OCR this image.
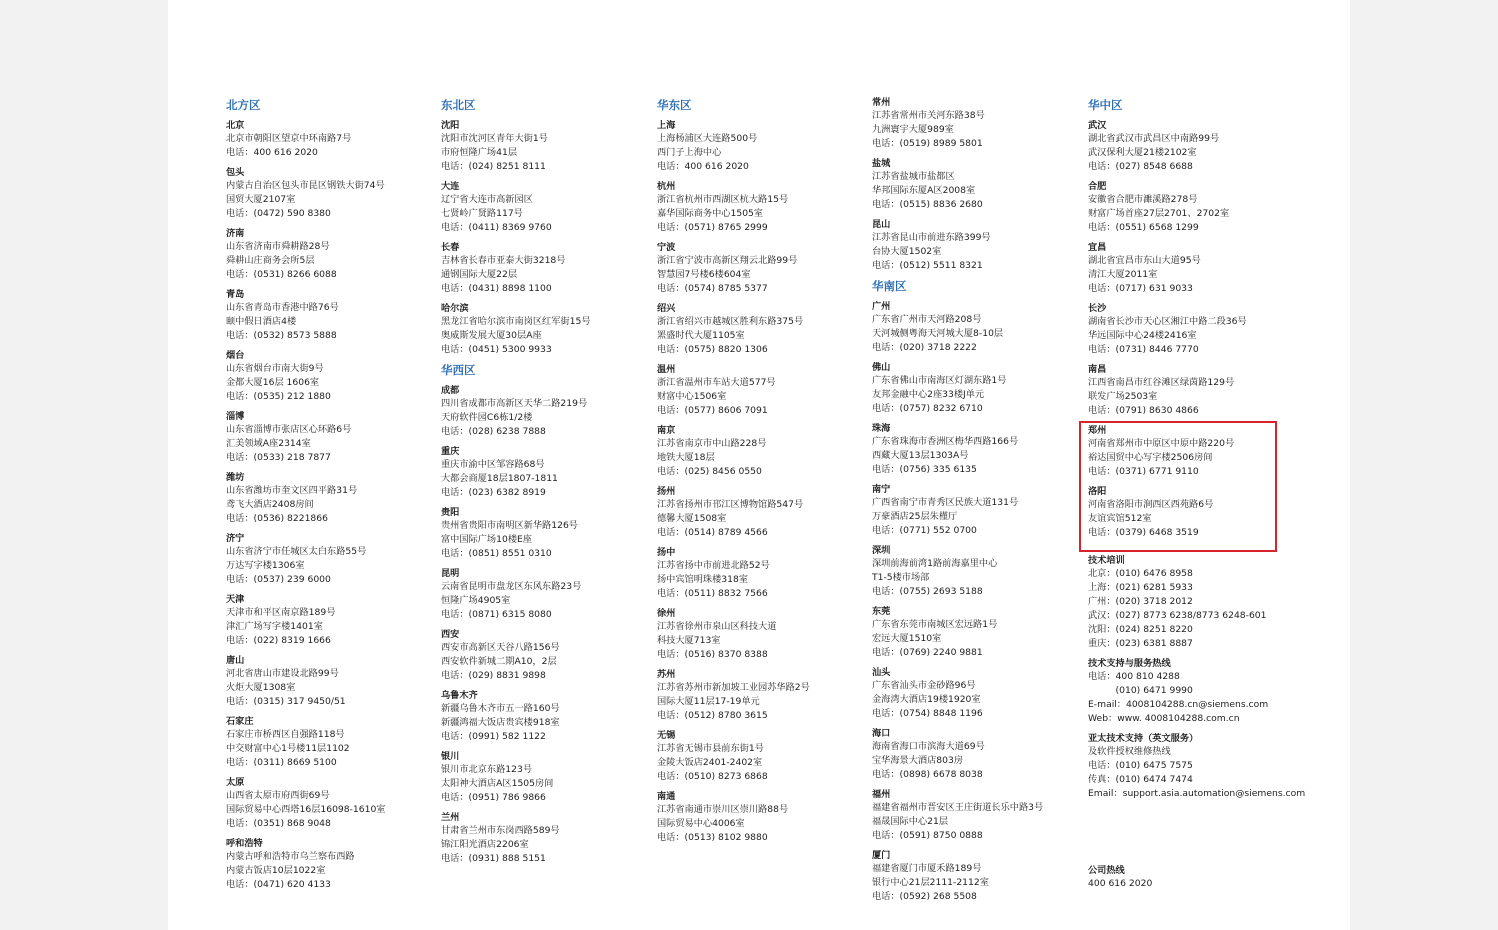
北方区
北京
北京市朝阳区望京中环南路7号
电话：400 616 2020
包头
内蒙古自治区包头市昆区钢铁大街74号
国贸大厦2107室
电话：(0472) 590 8380
济南
山东省济南市舜耕路28号
舜耕山庄商务会所5层
电话：(0531) 8266 6088
青岛
山东省青岛市香港中路76号
颐中假日酒店4楼
电话：(0532) 8573 5888
烟台
山东省烟台市南大街9号
金都大厦16层 1606室
电话：(0535) 212 1880
淄博
山东省淄博市张店区心环路6号
汇美领域A座2314室
电话：(0533) 218 7877
潍坊
山东省潍坊市奎文区四平路31号
鸢飞大酒店2408房间
电话：(0536) 8221866
济宁
山东省济宁市任城区太白东路55号
万达写字楼1306室
电话：(0537) 239 6000
天津
天津市和平区南京路189号
津汇广场写字楼1401室
电话：(022) 8319 1666
唐山
河北省唐山市建设北路99号
火炬大厦1308室
电话：(0315) 317 9450/51
石家庄
石家庄市桥西区自强路118号
中交财富中心1号楼11层1102
电话：(0311) 8669 5100
太原
山西省太原市府西街69号
国际贸易中心西塔16层16098-1610室
电话：(0351) 868 9048
呼和浩特
内蒙古呼和浩特市乌兰察布西路
内蒙古饭店10层1022室
电话：(0471) 620 4133
东北区
沈阳
沈阳市沈河区青年大街1号
市府恒隆广场41层
电话：(024) 8251 8111
大连
辽宁省大连市高新园区
七贤岭广贤路117号
电话：(0411) 8369 9760
长春
吉林省长春市亚泰大街3218号
通钢国际大厦22层
电话：(0431) 8898 1100
哈尔滨
黑龙江省哈尔滨市南岗区红军街15号
奥威斯发展大厦30层A座
电话：(0451) 5300 9933
华西区
成都
四川省成都市高新区天华二路219号
天府软件园C6栋1/2楼
电话：(028) 6238 7888
重庆
重庆市渝中区邹容路68号
大都会商厦18层1807-1811
电话：(023) 6382 8919
贵阳
贵州省贵阳市南明区新华路126号
富中国际广场10楼E座
电话：(0851) 8551 0310
昆明
云南省昆明市盘龙区东风东路23号
恒隆广场4905室
电话：(0871) 6315 8080
西安
西安市高新区天谷八路156号
西安软件新城二期A10，2层
电话：(029) 8831 9898
乌鲁木齐
新疆乌鲁木齐市五一路160号
新疆鸿福大饭店贵宾楼918室
电话：(0991) 582 1122
银川
银川市北京东路123号
太阳神大酒店A区1505房间
电话：(0951) 786 9866
兰州
甘肃省兰州市东岗西路589号
锦江阳光酒店2206室
电话：(0931) 888 5151
华东区
上海
上海杨浦区大连路500号
西门子上海中心
电话：400 616 2020
杭州
浙江省杭州市西湖区杭大路15号
嘉华国际商务中心1505室
电话：(0571) 8765 2999
宁波
浙江省宁波市高新区翔云北路99号
智慧园7号楼6楼604室
电话：(0574) 8785 5377
绍兴
浙江省绍兴市越城区胜利东路375号
罴盛时代大厦1105室
电话：(0575) 8820 1306
温州
浙江省温州市车站大道577号
财富中心1506室
电话：(0577) 8606 7091
南京
江苏省南京市中山路228号
地铁大厦18层
电话：(025) 8456 0550
扬州
江苏省扬州市邗江区博物馆路547号
德馨大厦1508室
电话：(0514) 8789 4566
扬中
江苏省扬中市前进北路52号
扬中宾馆明珠楼318室
电话：(0511) 8832 7566
徐州
江苏省徐州市泉山区科技大道
科技大厦713室
电话：(0516) 8370 8388
苏州
江苏省苏州市新加坡工业园苏华路2号
国际大厦11层17-19单元
电话：(0512) 8780 3615
无锡
江苏省无锡市县前东街1号
金陵大饭店2401-2402室
电话：(0510) 8273 6868
南通
江苏省南通市崇川区崇川路88号
国际贸易中心4006室
电话：(0513) 8102 9880
常州
江苏省常州市关河东路38号
九洲寰宇大厦989室
电话：(0519) 8989 5801
盐城
江苏省盐城市盐都区
华邦国际东厦A区2008室
电话：(0515) 8836 2680
昆山
江苏省昆山市前进东路399号
台协大厦1502室
电话：(0512) 5511 8321
华南区
广州
广东省广州市天河路208号
天河城侧粤海天河城大厦8-10层
电话：(020) 3718 2222
佛山
广东省佛山市南海区灯湖东路1号
友邦金融中心2座33楼J单元
电话：(0757) 8232 6710
珠海
广东省珠海市香洲区梅华西路166号
西藏大厦13层1303A号
电话：(0756) 335 6135
南宁
广西省南宁市青秀区民族大道131号
万豪酒店25层朱槿厅
电话：(0771) 552 0700
深圳
深圳前海前湾1路前海嘉里中心
T1-5楼市场部
电话：(0755) 2693 5188
东莞
广东省东莞市南城区宏远路1号
宏远大厦1510室
电话：(0769) 2240 9881
汕头
广东省汕头市金砂路96号
金海湾大酒店19楼1920室
电话：(0754) 8848 1196
海口
海南省海口市滨海大道69号
宝华海景大酒店803房
电话：(0898) 6678 8038
福州
福建省福州市晋安区王庄街道长乐中路3号
福晟国际中心21层
电话：(0591) 8750 0888
厦门
福建省厦门市厦禾路189号
银行中心21层2111-2112室
电话：(0592) 268 5508
华中区
武汉
湖北省武汉市武昌区中南路99号
武汉保利大厦21楼2102室
电话：(027) 8548 6688
合肥
安徽省合肥市濉溪路278号
财富广场首座27层2701、2702室
电话：(0551) 6568 1299
宜昌
湖北省宜昌市东山大道95号
清江大厦2011室
电话：(0717) 631 9033
长沙
湖南省长沙市天心区湘江中路二段36号
华远国际中心24楼2416室
电话：(0731) 8446 7770
南昌
江西省南昌市红谷滩区绿茵路129号
联发广场2503室
电话：(0791) 8630 4866
郑州
河南省郑州市中原区中原中路220号
裕达国贸中心写字楼2506房间
电话：(0371) 6771 9110
洛阳
河南省洛阳市涧西区西苑路6号
友谊宾馆512室
电话：(0379) 6468 3519
技术培训
北京：(010) 6476 8958
上海：(021) 6281 5933
广州：(020) 3718 2012
武汉：(027) 8773 6238/8773 6248-601
沈阳：(024) 8251 8220
重庆：(023) 6381 8887
技术支持与服务热线
电话：400 810 4288
　　　(010) 6471 9990
E-mail：4008104288.cn@siemens.com
Web：www. 4008104288.com.cn
亚太技术支持（英文服务）
及软件授权维修热线
电话：(010) 6475 7575
传真：(010) 6474 7474
Email：support.asia.automation@siemens.com
公司热线
400 616 2020
